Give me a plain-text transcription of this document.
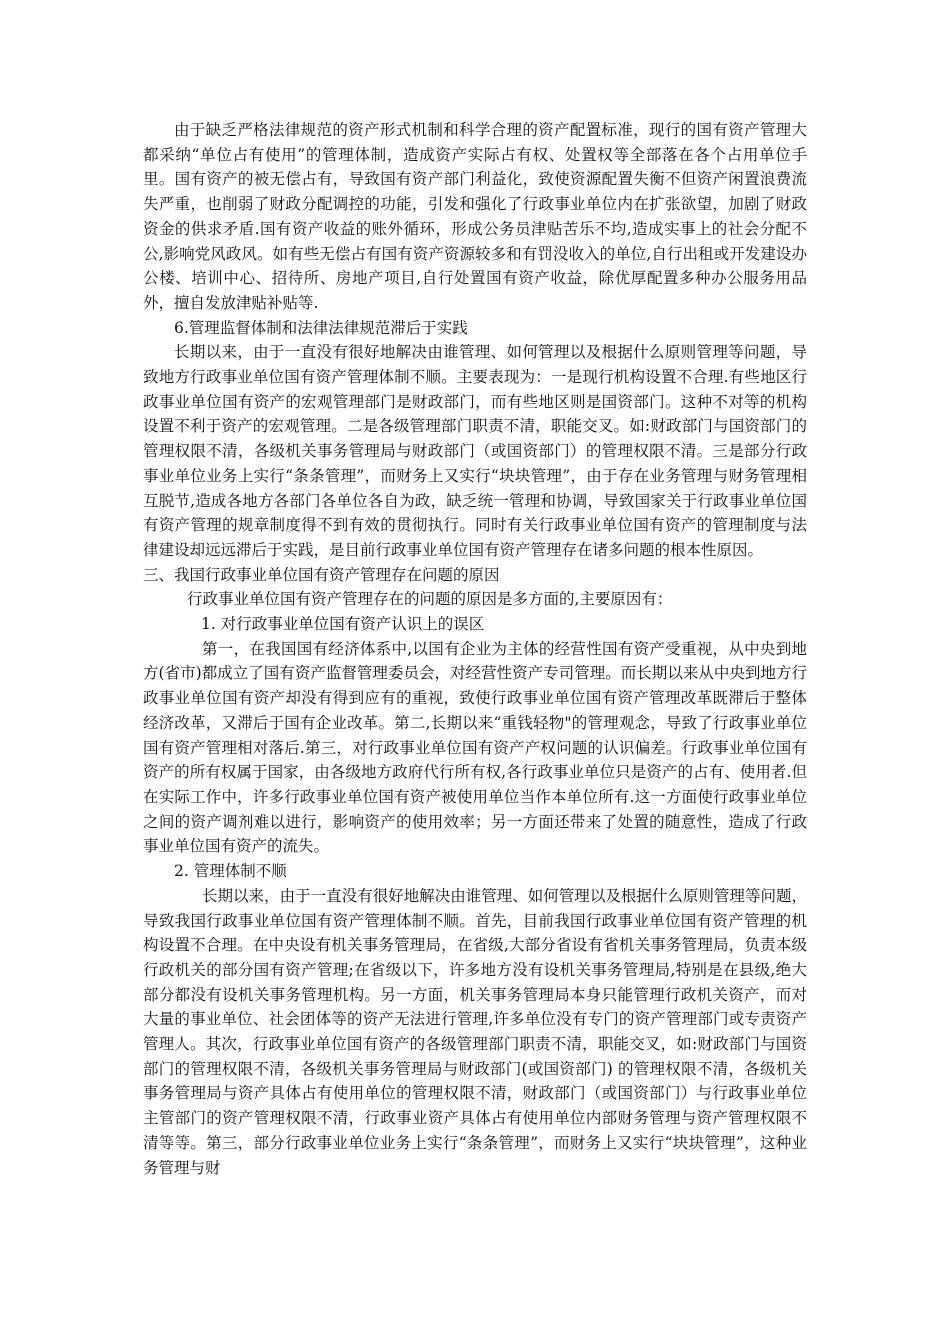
由于缺乏严格法律规范的资产形式机制和科学合理的资产配置标准，现行的国有资产管理大都采纳“单位占有使用”的管理体制，造成资产实际占有权、处置权等全部落在各个占用单位手里。国有资产的被无偿占有，导致国有资产部门利益化，致使资源配置失衡不但资产闲置浪费流失严重，也削弱了财政分配调控的功能，引发和强化了行政事业单位内在扩张欲望，加剧了财政资金的供求矛盾.国有资产收益的账外循环，形成公务员津贴苦乐不均,造成实事上的社会分配不公,影响党风政风。如有些无偿占有国有资产资源较多和有罚没收入的单位,自行出租或开发建设办公楼、培训中心、招待所、房地产项目,自行处置国有资产收益，除优厚配置多种办公服务用品外，擅自发放津贴补贴等.

6.管理监督体制和法律法律规范滞后于实践

长期以来，由于一直没有很好地解决由谁管理、如何管理以及根据什么原则管理等问题，导致地方行政事业单位国有资产管理体制不顺。主要表现为：一是现行机构设置不合理.有些地区行政事业单位国有资产的宏观管理部门是财政部门，而有些地区则是国资部门。这种不对等的机构设置不利于资产的宏观管理。二是各级管理部门职责不清，职能交叉。如:财政部门与国资部门的管理权限不清，各级机关事务管理局与财政部门（或国资部门）的管理权限不清。三是部分行政事业单位业务上实行“条条管理”，而财务上又实行“块块管理”，由于存在业务管理与财务管理相互脱节,造成各地方各部门各单位各自为政，缺乏统一管理和协调，导致国家关于行政事业单位国有资产管理的规章制度得不到有效的贯彻执行。同时有关行政事业单位国有资产的管理制度与法律建设却远远滞后于实践，是目前行政事业单位国有资产管理存在诸多问题的根本性原因。

三、我国行政事业单位国有资产管理存在问题的原因

行政事业单位国有资产管理存在的问题的原因是多方面的,主要原因有：

1. 对行政事业单位国有资产认识上的误区

第一，在我国国有经济体系中,以国有企业为主体的经营性国有资产受重视，从中央到地方(省市)都成立了国有资产监督管理委员会，对经营性资产专司管理。而长期以来从中央到地方行政事业单位国有资产却没有得到应有的重视，致使行政事业单位国有资产管理改革既滞后于整体经济改革，又滞后于国有企业改革。第二,长期以来“重钱轻物"的管理观念，导致了行政事业单位国有资产管理相对落后.第三，对行政事业单位国有资产产权问题的认识偏差。行政事业单位国有资产的所有权属于国家，由各级地方政府代行所有权,各行政事业单位只是资产的占有、使用者.但在实际工作中，许多行政事业单位国有资产被使用单位当作本单位所有.这一方面使行政事业单位之间的资产调剂难以进行，影响资产的使用效率；另一方面还带来了处置的随意性，造成了行政事业单位国有资产的流失。

2. 管理体制不顺

长期以来，由于一直没有很好地解决由谁管理、如何管理以及根据什么原则管理等问题，导致我国行政事业单位国有资产管理体制不顺。首先，目前我国行政事业单位国有资产管理的机构设置不合理。在中央设有机关事务管理局，在省级,大部分省设有省机关事务管理局，负责本级行政机关的部分国有资产管理;在省级以下，许多地方没有设机关事务管理局,特别是在县级,绝大部分都没有设机关事务管理机构。另一方面，机关事务管理局本身只能管理行政机关资产，而对大量的事业单位、社会团体等的资产无法进行管理,许多单位没有专门的资产管理部门或专责资产管理人。其次，行政事业单位国有资产的各级管理部门职责不清，职能交叉，如:财政部门与国资部门的管理权限不清，各级机关事务管理局与财政部门(或国资部门) 的管理权限不清，各级机关事务管理局与资产具体占有使用单位的管理权限不清，财政部门（或国资部门）与行政事业单位主管部门的资产管理权限不清，行政事业资产具体占有使用单位内部财务管理与资产管理权限不清等等。第三，部分行政事业单位业务上实行“条条管理”，而财务上又实行“块块管理”，这种业务管理与财
